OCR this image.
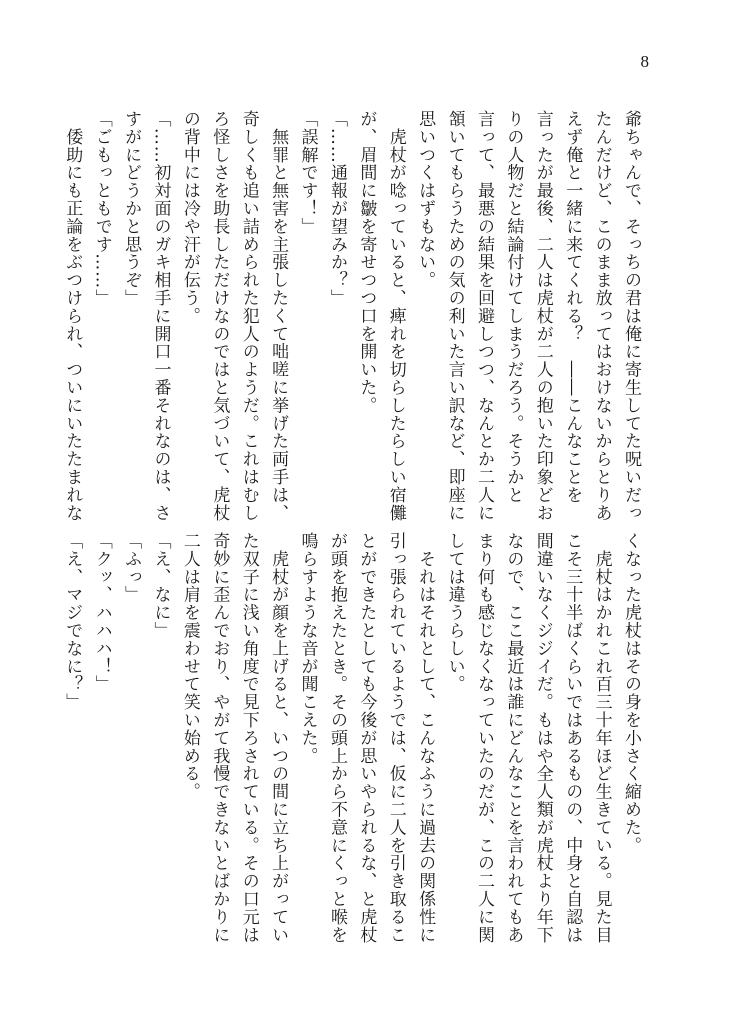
8
爺ちゃんで、そっちの君は俺に寄生してた呪いだっ
たんだけど、このまま放ってはおけないからとりあ
えず俺と一緒に来てくれる？　――こんなことを
言ったが最後、二人は虎杖が二人の抱いた印象どお
りの人物だと結論付けてしまうだろう。そうかと
言って、最悪の結果を回避しつつ、なんとか二人に
頷いてもらうための気の利いた言い訳など、即座に
思いつくはずもない。
　虎杖が唸っていると、痺れを切らしたらしい宿儺
が、眉間に皺を寄せつつ口を開いた。
「……通報が望みか？」
「誤解です！」
　無罪と無害を主張したくて咄嗟に挙げた両手は、
奇しくも追い詰められた犯人のようだ。これはむし
ろ怪しさを助長しただけなのではと気づいて、虎杖
の背中には冷や汗が伝う。
「……初対面のガキ相手に開口一番それなのは、さ
すがにどうかと思うぞ」
「ごもっともです……」
　倭助にも正論をぶつけられ、ついにいたたまれな
くなった虎杖はその身を小さく縮めた。
　虎杖はかれこれ百三十年ほど生きている。見た目
こそ三十半ばくらいではあるものの、中身と自認は
間違いなくジジイだ。もはや全人類が虎杖より年下
なので、ここ最近は誰にどんなことを言われてもあ
まり何も感じなくなっていたのだが、この二人に関
しては違うらしい。
　それはそれとして、こんなふうに過去の関係性に
引っ張られているようでは、仮に二人を引き取るこ
とができたとしても今後が思いやられるな、と虎杖
が頭を抱えたとき。その頭上から不意にくっと喉を
鳴らすような音が聞こえた。
　虎杖が顔を上げると、いつの間に立ち上がってい
た双子に浅い角度で見下ろされている。その口元は
奇妙に歪んでおり、やがて我慢できないとばかりに
二人は肩を震わせて笑い始める。
「え、なに」
「ふっ」
「クッ、ハハハ！」
「え、マジでなに？」
